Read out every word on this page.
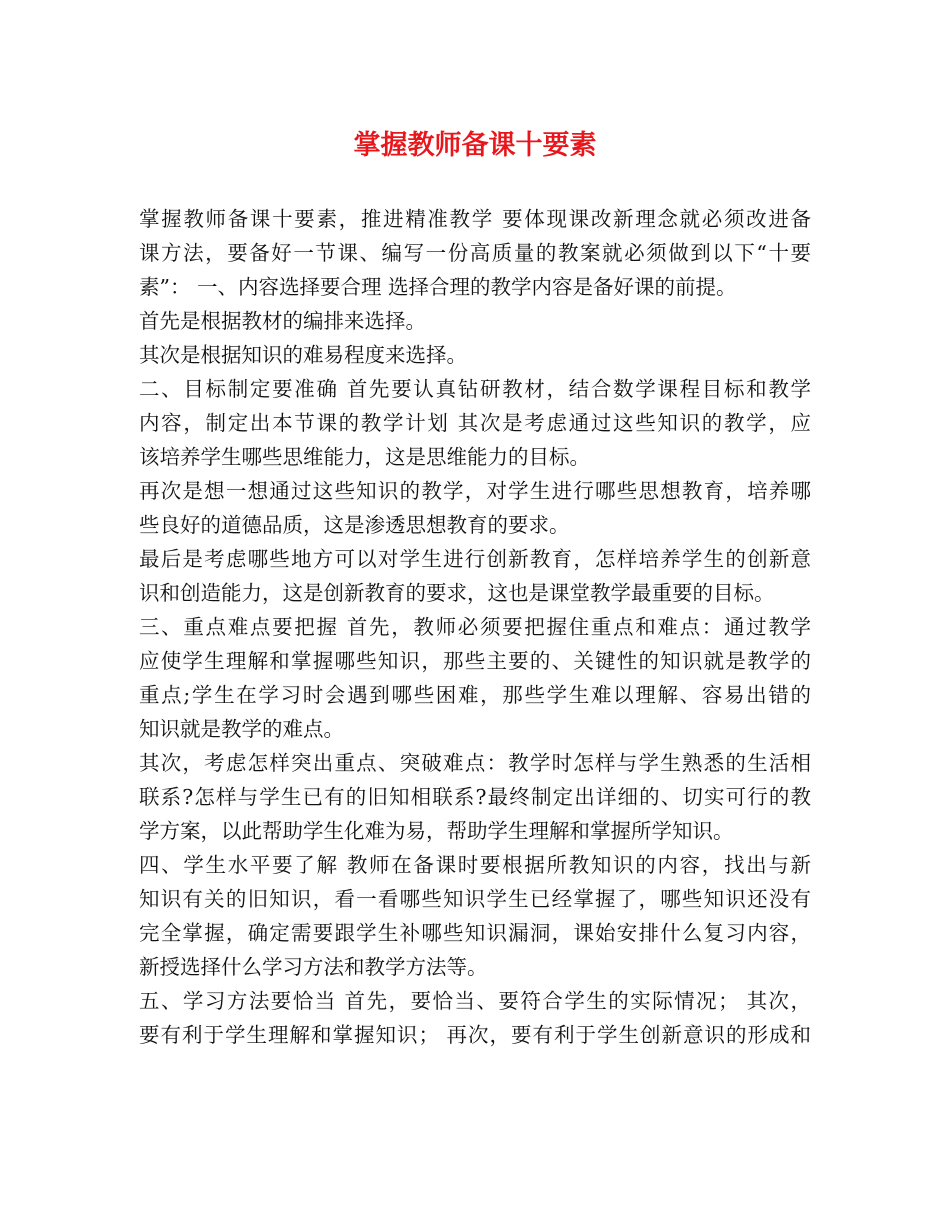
掌握教师备课十要素
掌握教师备课十要素，推进精准教学 要体现课改新理念就必须改进备
课方法，要备好一节课、编写一份高质量的教案就必须做到以下“十要
素”： 一、内容选择要合理 选择合理的教学内容是备好课的前提。
首先是根据教材的编排来选择。
其次是根据知识的难易程度来选择。
二、目标制定要准确 首先要认真钻研教材，结合数学课程目标和教学
内容，制定出本节课的教学计划 其次是考虑通过这些知识的教学，应
该培养学生哪些思维能力，这是思维能力的目标。
再次是想一想通过这些知识的教学，对学生进行哪些思想教育，培养哪
些良好的道德品质，这是渗透思想教育的要求。
最后是考虑哪些地方可以对学生进行创新教育，怎样培养学生的创新意
识和创造能力，这是创新教育的要求，这也是课堂教学最重要的目标。
三、重点难点要把握 首先，教师必须要把握住重点和难点：通过教学
应使学生理解和掌握哪些知识，那些主要的、关键性的知识就是教学的
重点;学生在学习时会遇到哪些困难，那些学生难以理解、容易出错的
知识就是教学的难点。
其次，考虑怎样突出重点、突破难点：教学时怎样与学生熟悉的生活相
联系?怎样与学生已有的旧知相联系?最终制定出详细的、切实可行的教
学方案，以此帮助学生化难为易，帮助学生理解和掌握所学知识。
四、学生水平要了解 教师在备课时要根据所教知识的内容，找出与新
知识有关的旧知识，看一看哪些知识学生已经掌握了，哪些知识还没有
完全掌握，确定需要跟学生补哪些知识漏洞，课始安排什么复习内容，
新授选择什么学习方法和教学方法等。
五、学习方法要恰当 首先，要恰当、要符合学生的实际情况； 其次，
要有利于学生理解和掌握知识； 再次，要有利于学生创新意识的形成和
